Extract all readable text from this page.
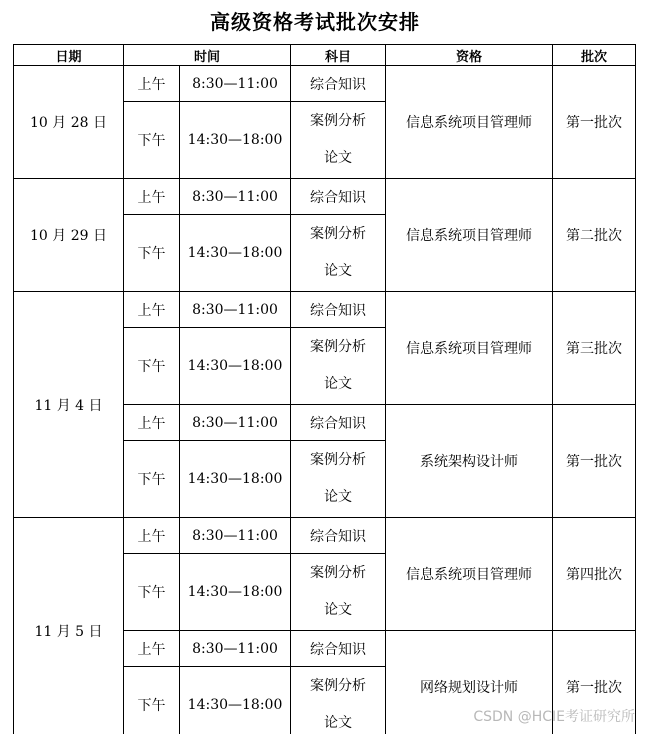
高级资格考试批次安排
日期	时间		科目	资格	批次
10 月 28 日	上午	8:30—11:00	综合知识	信息系统项目管理师	第一批次
	下午	14:30—18:00	案例分析
论文		

10 月 29 日	上午	8:30—11:00	综合知识	信息系统项目管理师	第二批次
	下午	14:30—18:00	案例分析
论文		

11 月 4 日	上午	8:30—11:00	综合知识	信息系统项目管理师	第三批次
	下午	14:30—18:00	案例分析
论文		

	上午	8:30—11:00	综合知识	系统架构设计师	第一批次
	下午	14:30—18:00	案例分析
论文		

11 月 5 日	上午	8:30—11:00	综合知识	信息系统项目管理师	第四批次
	下午	14:30—18:00	案例分析
论文		

	上午	8:30—11:00	综合知识	网络规划设计师	第一批次
	下午	14:30—18:00	案例分析
论文			CSDN @HCIE考证研究所
